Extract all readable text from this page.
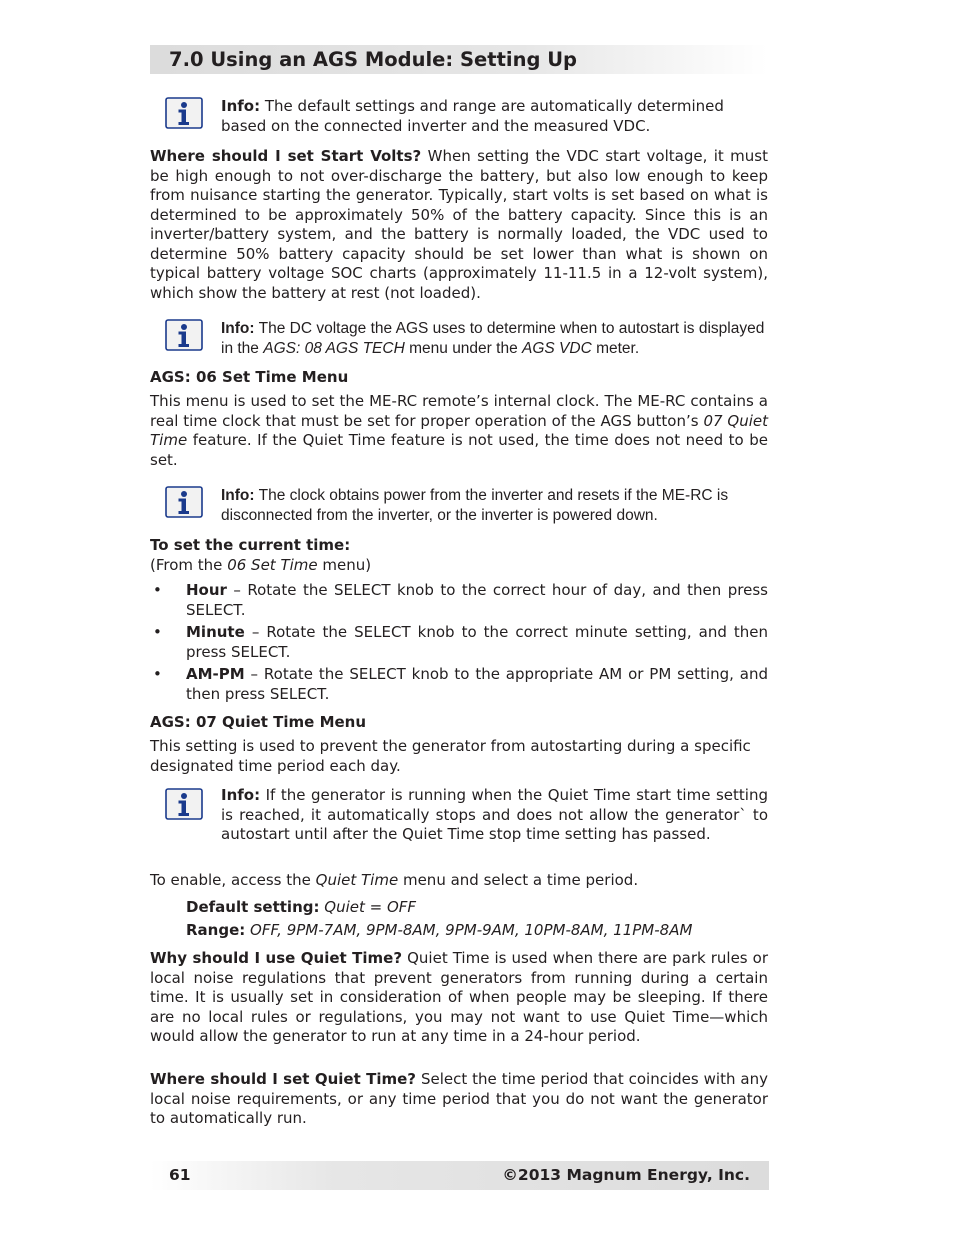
7.0 Using an AGS Module: Setting Up

Info: The default settings and range are automatically determined based on the connected inverter and the measured VDC.

Where should I set Start Volts? When setting the VDC start voltage, it must be high enough to not over-discharge the battery, but also low enough to keep from nuisance starting the generator. Typically, start volts is set based on what is determined to be approximately 50% of the battery capacity. Since this is an inverter/battery system, and the battery is normally loaded, the VDC used to determine 50% battery capacity should be set lower than what is shown on typical battery voltage SOC charts (approximately 11-11.5 in a 12-volt system), which show the battery at rest (not loaded).

Info: The DC voltage the AGS uses to determine when to autostart is displayed in the AGS: 08 AGS TECH menu under the AGS VDC meter.

AGS: 06 Set Time Menu

This menu is used to set the ME-RC remote’s internal clock. The ME-RC contains a real time clock that must be set for proper operation of the AGS button’s 07 Quiet Time feature. If the Quiet Time feature is not used, the time does not need to be set.

Info: The clock obtains power from the inverter and resets if the ME-RC is disconnected from the inverter, or the inverter is powered down.

To set the current time:

(From the 06 Set Time menu)

• Hour – Rotate the SELECT knob to the correct hour of day, and then press SELECT.
• Minute – Rotate the SELECT knob to the correct minute setting, and then press SELECT.
• AM-PM – Rotate the SELECT knob to the appropriate AM or PM setting, and then press SELECT.

AGS: 07 Quiet Time Menu

This setting is used to prevent the generator from autostarting during a specific designated time period each day.

Info: If the generator is running when the Quiet Time start time setting is reached, it automatically stops and does not allow the generator` to autostart until after the Quiet Time stop time setting has passed.

To enable, access the Quiet Time menu and select a time period.

Default setting: Quiet = OFF

Range: OFF, 9PM-7AM, 9PM-8AM, 9PM-9AM, 10PM-8AM, 11PM-8AM

Why should I use Quiet Time? Quiet Time is used when there are park rules or local noise regulations that prevent generators from running during a certain time. It is usually set in consideration of when people may be sleeping. If there are no local rules or regulations, you may not want to use Quiet Time—which would allow the generator to run at any time in a 24-hour period.

Where should I set Quiet Time? Select the time period that coincides with any local noise requirements, or any time period that you do not want the generator to automatically run.

61	©2013 Magnum Energy, Inc.
